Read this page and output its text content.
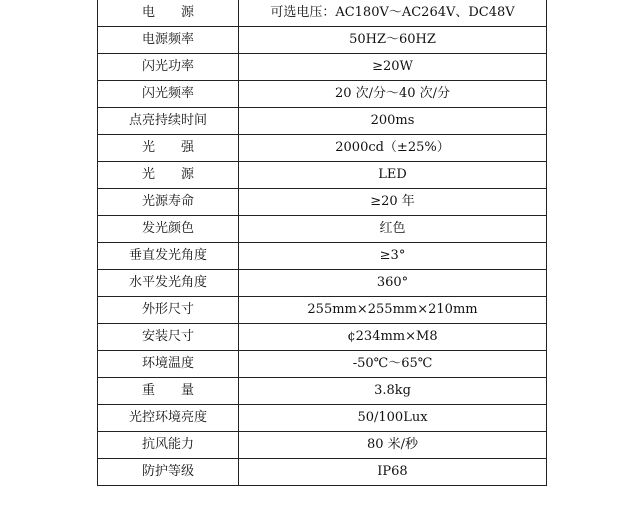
电　　源	可选电压：AC180V～AC264V、DC48V
电源频率	50HZ～60HZ
闪光功率	≥20W
闪光频率	20 次/分～40 次/分
点亮持续时间	200ms
光　　强	2000cd（±25%）
光　　源	LED
光源寿命	≥20 年
发光颜色	红色
垂直发光角度	≥3°
水平发光角度	360°
外形尺寸	255mm×255mm×210mm
安装尺寸	¢234mm×M8
环境温度	-50℃～65℃
重　　量	3.8kg
光控环境亮度	50/100Lux
抗风能力	80 米/秒
防护等级	IP68
